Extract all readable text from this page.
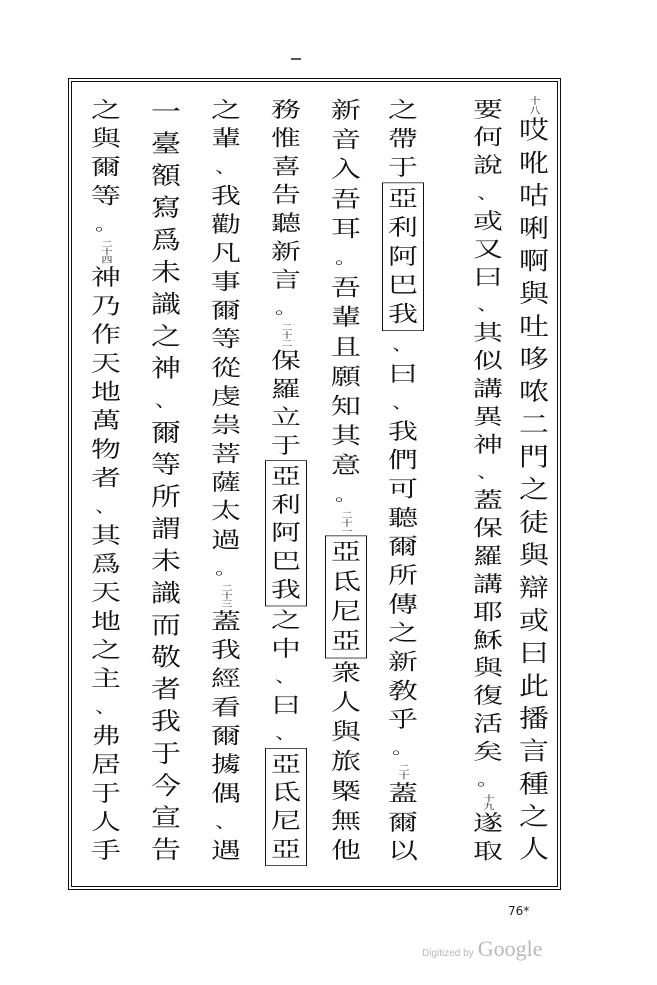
十八
哎
吪
咕
唎
啊
與
吐
哆
哝
二
門
之
徒
與
辯
或
曰
此
播
言
種
之
人
要
何
說
、
或
又
曰
、
其
似
講
異
神
、
蓋
保
羅
講
耶
穌
與
復
活
矣
。
十九
遂
取
之
帶
于
亞
利
阿
巴
我
、
曰
、
我
們
可
聽
爾
所
傳
之
新
敎
乎
。
二十
蓋
爾
以
新
音
入
吾
耳
。
吾
輩
且
願
知
其
意
。
二十一
亞
氐
尼
亞
衆
人
與
旅
槩
無
他
務
惟
喜
告
聽
新
言
。
二十二
保
羅
立
于
亞
利
阿
巴
我
之
中
、
曰
、
亞
氐
尼
亞
之
輩
、
我
勸
凡
事
爾
等
從
虔
祟
菩
薩
太
過
。
二十三
蓋
我
經
看
爾
㩀
偶
、
遇
一
臺
額
寫
爲
未
識
之
神
、
爾
等
所
謂
未
識
而
敬
者
我
于
今
宣
告
之
與
爾
等
。
二十四
神
乃
作
天
地
萬
物
者
、
其
爲
天
地
之
主
、
弗
居
于
人
手
76*
Digitized by Google
